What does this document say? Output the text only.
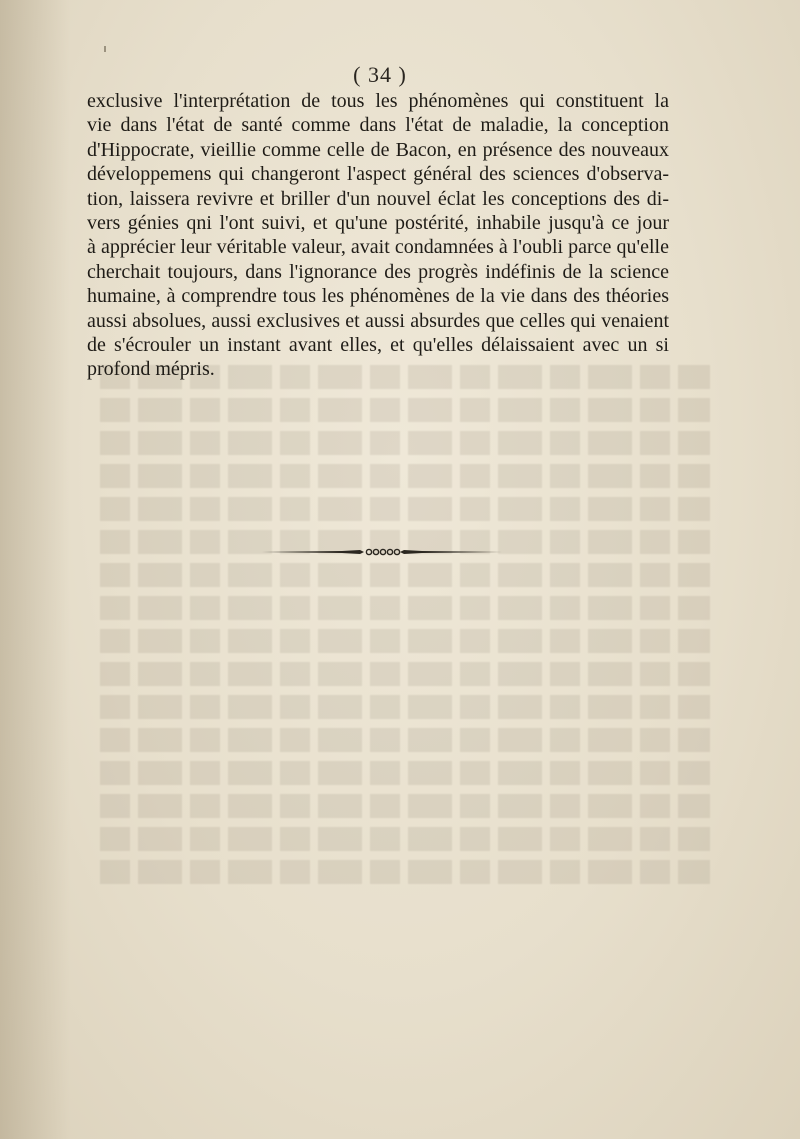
( 34 )
exclusive l'interprétation de tous les phénomènes qui constituent la
vie dans l'état de santé comme dans l'état de maladie, la conception
d'Hippocrate, vieillie comme celle de Bacon, en présence des nouveaux
développemens qui changeront l'aspect général des sciences d'observa-
tion, laissera revivre et briller d'un nouvel éclat les conceptions des di-
vers génies qni l'ont suivi, et qu'une postérité, inhabile jusqu'à ce jour
à apprécier leur véritable valeur, avait condamnées à l'oubli parce qu'elle
cherchait toujours, dans l'ignorance des progrès indéfinis de la science
humaine, à comprendre tous les phénomènes de la vie dans des théories
aussi absolues, aussi exclusives et aussi absurdes que celles qui venaient
de s'écrouler un instant avant elles, et qu'elles délaissaient avec un si
profond mépris.
